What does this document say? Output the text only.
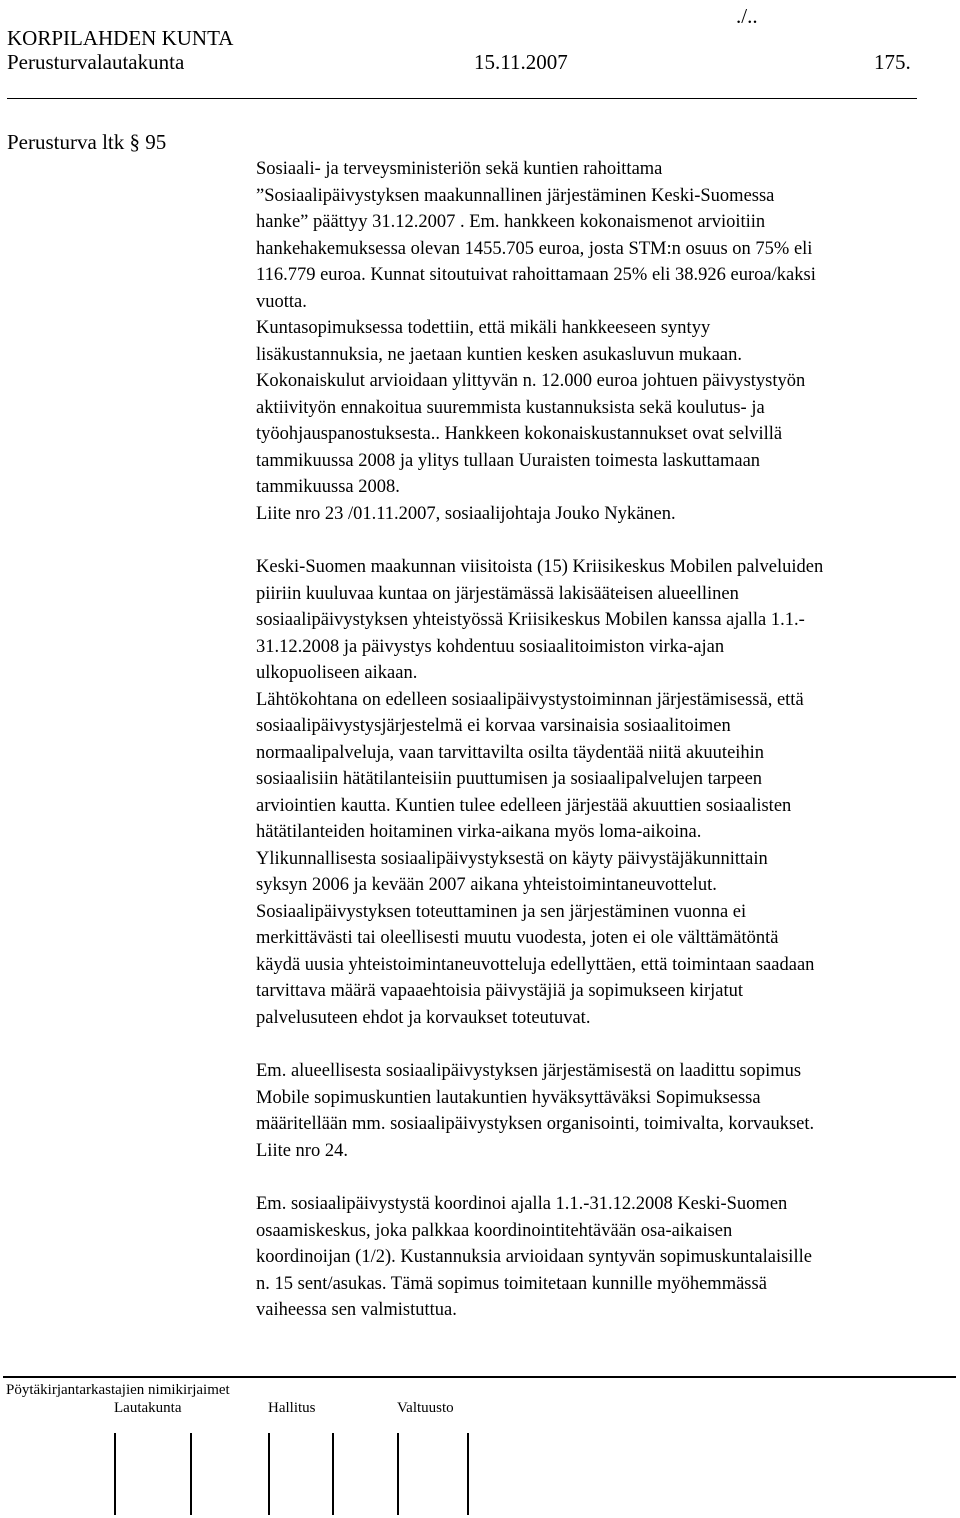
./..
KORPILAHDEN KUNTA
Perusturvalautakunta	15.11.2007	175.
Perusturva ltk § 95
Sosiaali- ja terveysministeriön sekä kuntien rahoittama
”Sosiaalipäivystyksen maakunnallinen järjestäminen Keski-Suomessa
hanke” päättyy 31.12.2007 . Em. hankkeen kokonaismenot arvioitiin
hankehakemuksessa olevan 1455.705 euroa, josta STM:n osuus on 75% eli
116.779 euroa. Kunnat sitoutuivat rahoittamaan 25% eli 38.926 euroa/kaksi
vuotta.
Kuntasopimuksessa todettiin, että mikäli hankkeeseen syntyy
lisäkustannuksia, ne jaetaan kuntien kesken asukasluvun mukaan.
Kokonaiskulut arvioidaan ylittyvän n. 12.000 euroa johtuen päivystystyön
aktiivityön ennakoitua suuremmista kustannuksista sekä koulutus- ja
työohjauspanostuksesta.. Hankkeen kokonaiskustannukset ovat selvillä
tammikuussa 2008 ja ylitys tullaan Uuraisten toimesta laskuttamaan
tammikuussa 2008.
Liite nro 23 /01.11.2007, sosiaalijohtaja Jouko Nykänen.
Keski-Suomen maakunnan viisitoista (15) Kriisikeskus Mobilen palveluiden
piiriin kuuluvaa kuntaa on järjestämässä lakisääteisen alueellinen
sosiaalipäivystyksen yhteistyössä Kriisikeskus Mobilen kanssa ajalla 1.1.-
31.12.2008 ja päivystys kohdentuu sosiaalitoimiston virka-ajan
ulkopuoliseen aikaan.
Lähtökohtana on edelleen sosiaalipäivystystoiminnan järjestämisessä, että
sosiaalipäivystysjärjestelmä ei korvaa varsinaisia sosiaalitoimen
normaalipalveluja, vaan tarvittavilta osilta täydentää niitä akuuteihin
sosiaalisiin hätätilanteisiin puuttumisen ja sosiaalipalvelujen tarpeen
arviointien kautta. Kuntien tulee edelleen järjestää akuuttien sosiaalisten
hätätilanteiden hoitaminen virka-aikana myös loma-aikoina.
Ylikunnallisesta sosiaalipäivystyksestä on käyty päivystäjäkunnittain
syksyn 2006 ja kevään 2007 aikana yhteistoimintaneuvottelut.
Sosiaalipäivystyksen toteuttaminen ja sen järjestäminen vuonna ei
merkittävästi tai oleellisesti muutu vuodesta, joten ei ole välttämätöntä
käydä uusia yhteistoimintaneuvotteluja edellyttäen, että toimintaan saadaan
tarvittava määrä vapaaehtoisia päivystäjiä ja sopimukseen kirjatut
palvelusuteen ehdot ja korvaukset toteutuvat.
Em. alueellisesta sosiaalipäivystyksen järjestämisestä on laadittu sopimus
Mobile sopimuskuntien lautakuntien hyväksyttäväksi Sopimuksessa
määritellään mm. sosiaalipäivystyksen organisointi, toimivalta, korvaukset.
Liite nro 24.
Em. sosiaalipäivystystä koordinoi ajalla 1.1.-31.12.2008 Keski-Suomen
osaamiskeskus, joka palkkaa koordinointitehtävään osa-aikaisen
koordinoijan (1/2). Kustannuksia arvioidaan syntyvän sopimuskuntalaisille
n. 15 sent/asukas. Tämä sopimus toimitetaan kunnille myöhemmässä
vaiheessa sen valmistuttua.
Pöytäkirjantarkastajien nimikirjaimet
Lautakunta	Hallitus	Valtuusto
